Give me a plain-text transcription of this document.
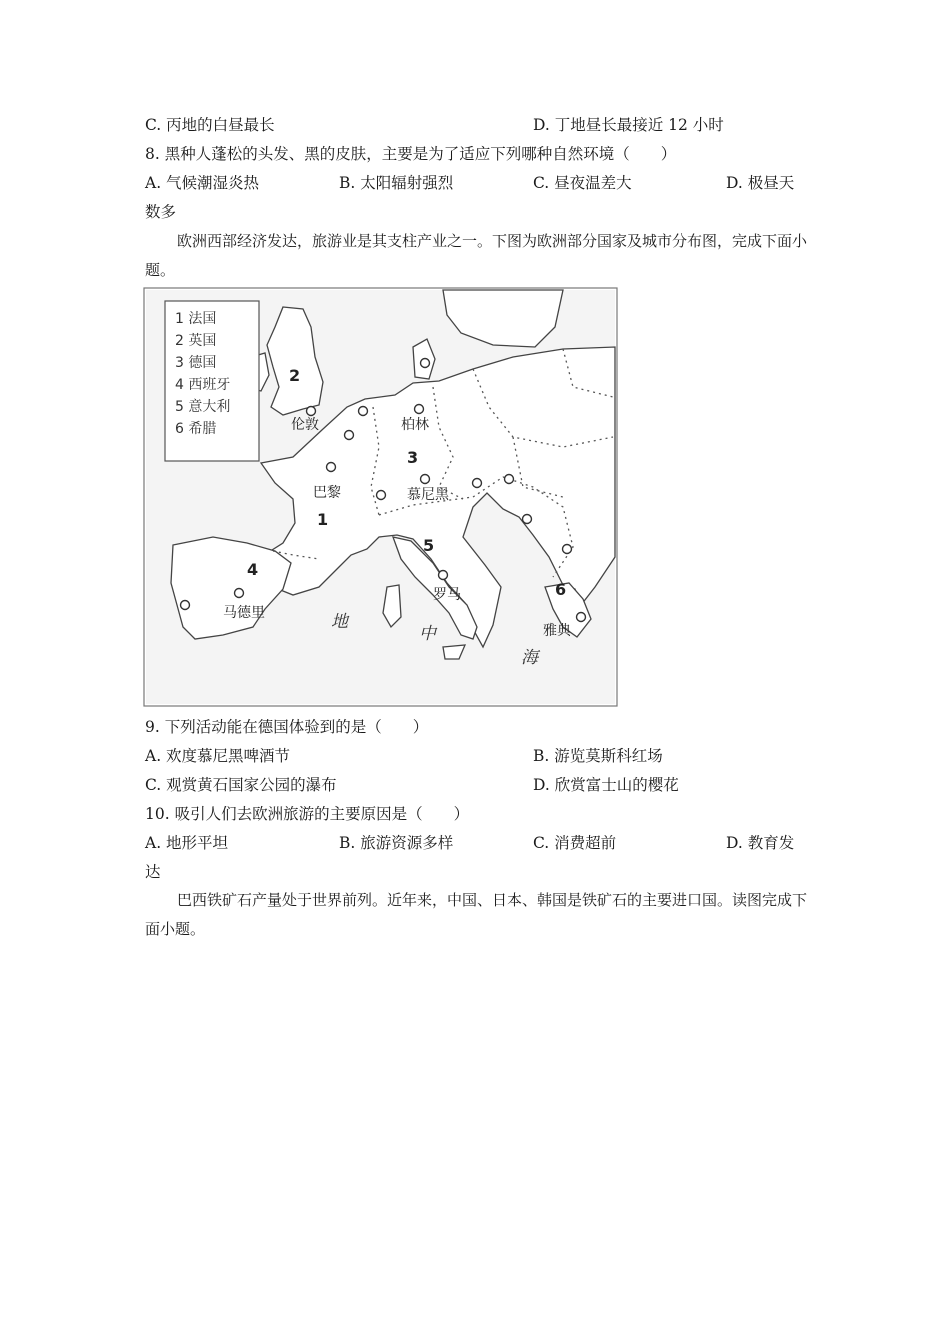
C. 丙地的白昼最长	D. 丁地昼长最接近 12 小时
8. 黑种人蓬松的头发、黑的皮肤，主要是为了适应下列哪种自然环境（　　）
A. 气候潮湿炎热	B. 太阳辐射强烈	C. 昼夜温差大	D. 极昼天
数多
欧洲西部经济发达，旅游业是其支柱产业之一。下图为欧洲部分国家及城市分布图，完成下面小题。
1 法国
2 英国
3 德国
4 西班牙
5 意大利
6 希腊
1
2
3
4
5
6
伦敦	柏林
巴黎	慕尼黑
马德里
罗马
雅典
地
中
海
9. 下列活动能在德国体验到的是（　　）
A. 欢度慕尼黑啤酒节	B. 游览莫斯科红场
C. 观赏黄石国家公园的瀑布	D. 欣赏富士山的樱花
10. 吸引人们去欧洲旅游的主要原因是（　　）
A. 地形平坦	B. 旅游资源多样	C. 消费超前	D. 教育发
达
巴西铁矿石产量处于世界前列。近年来，中国、日本、韩国是铁矿石的主要进口国。读图完成下面小题。
